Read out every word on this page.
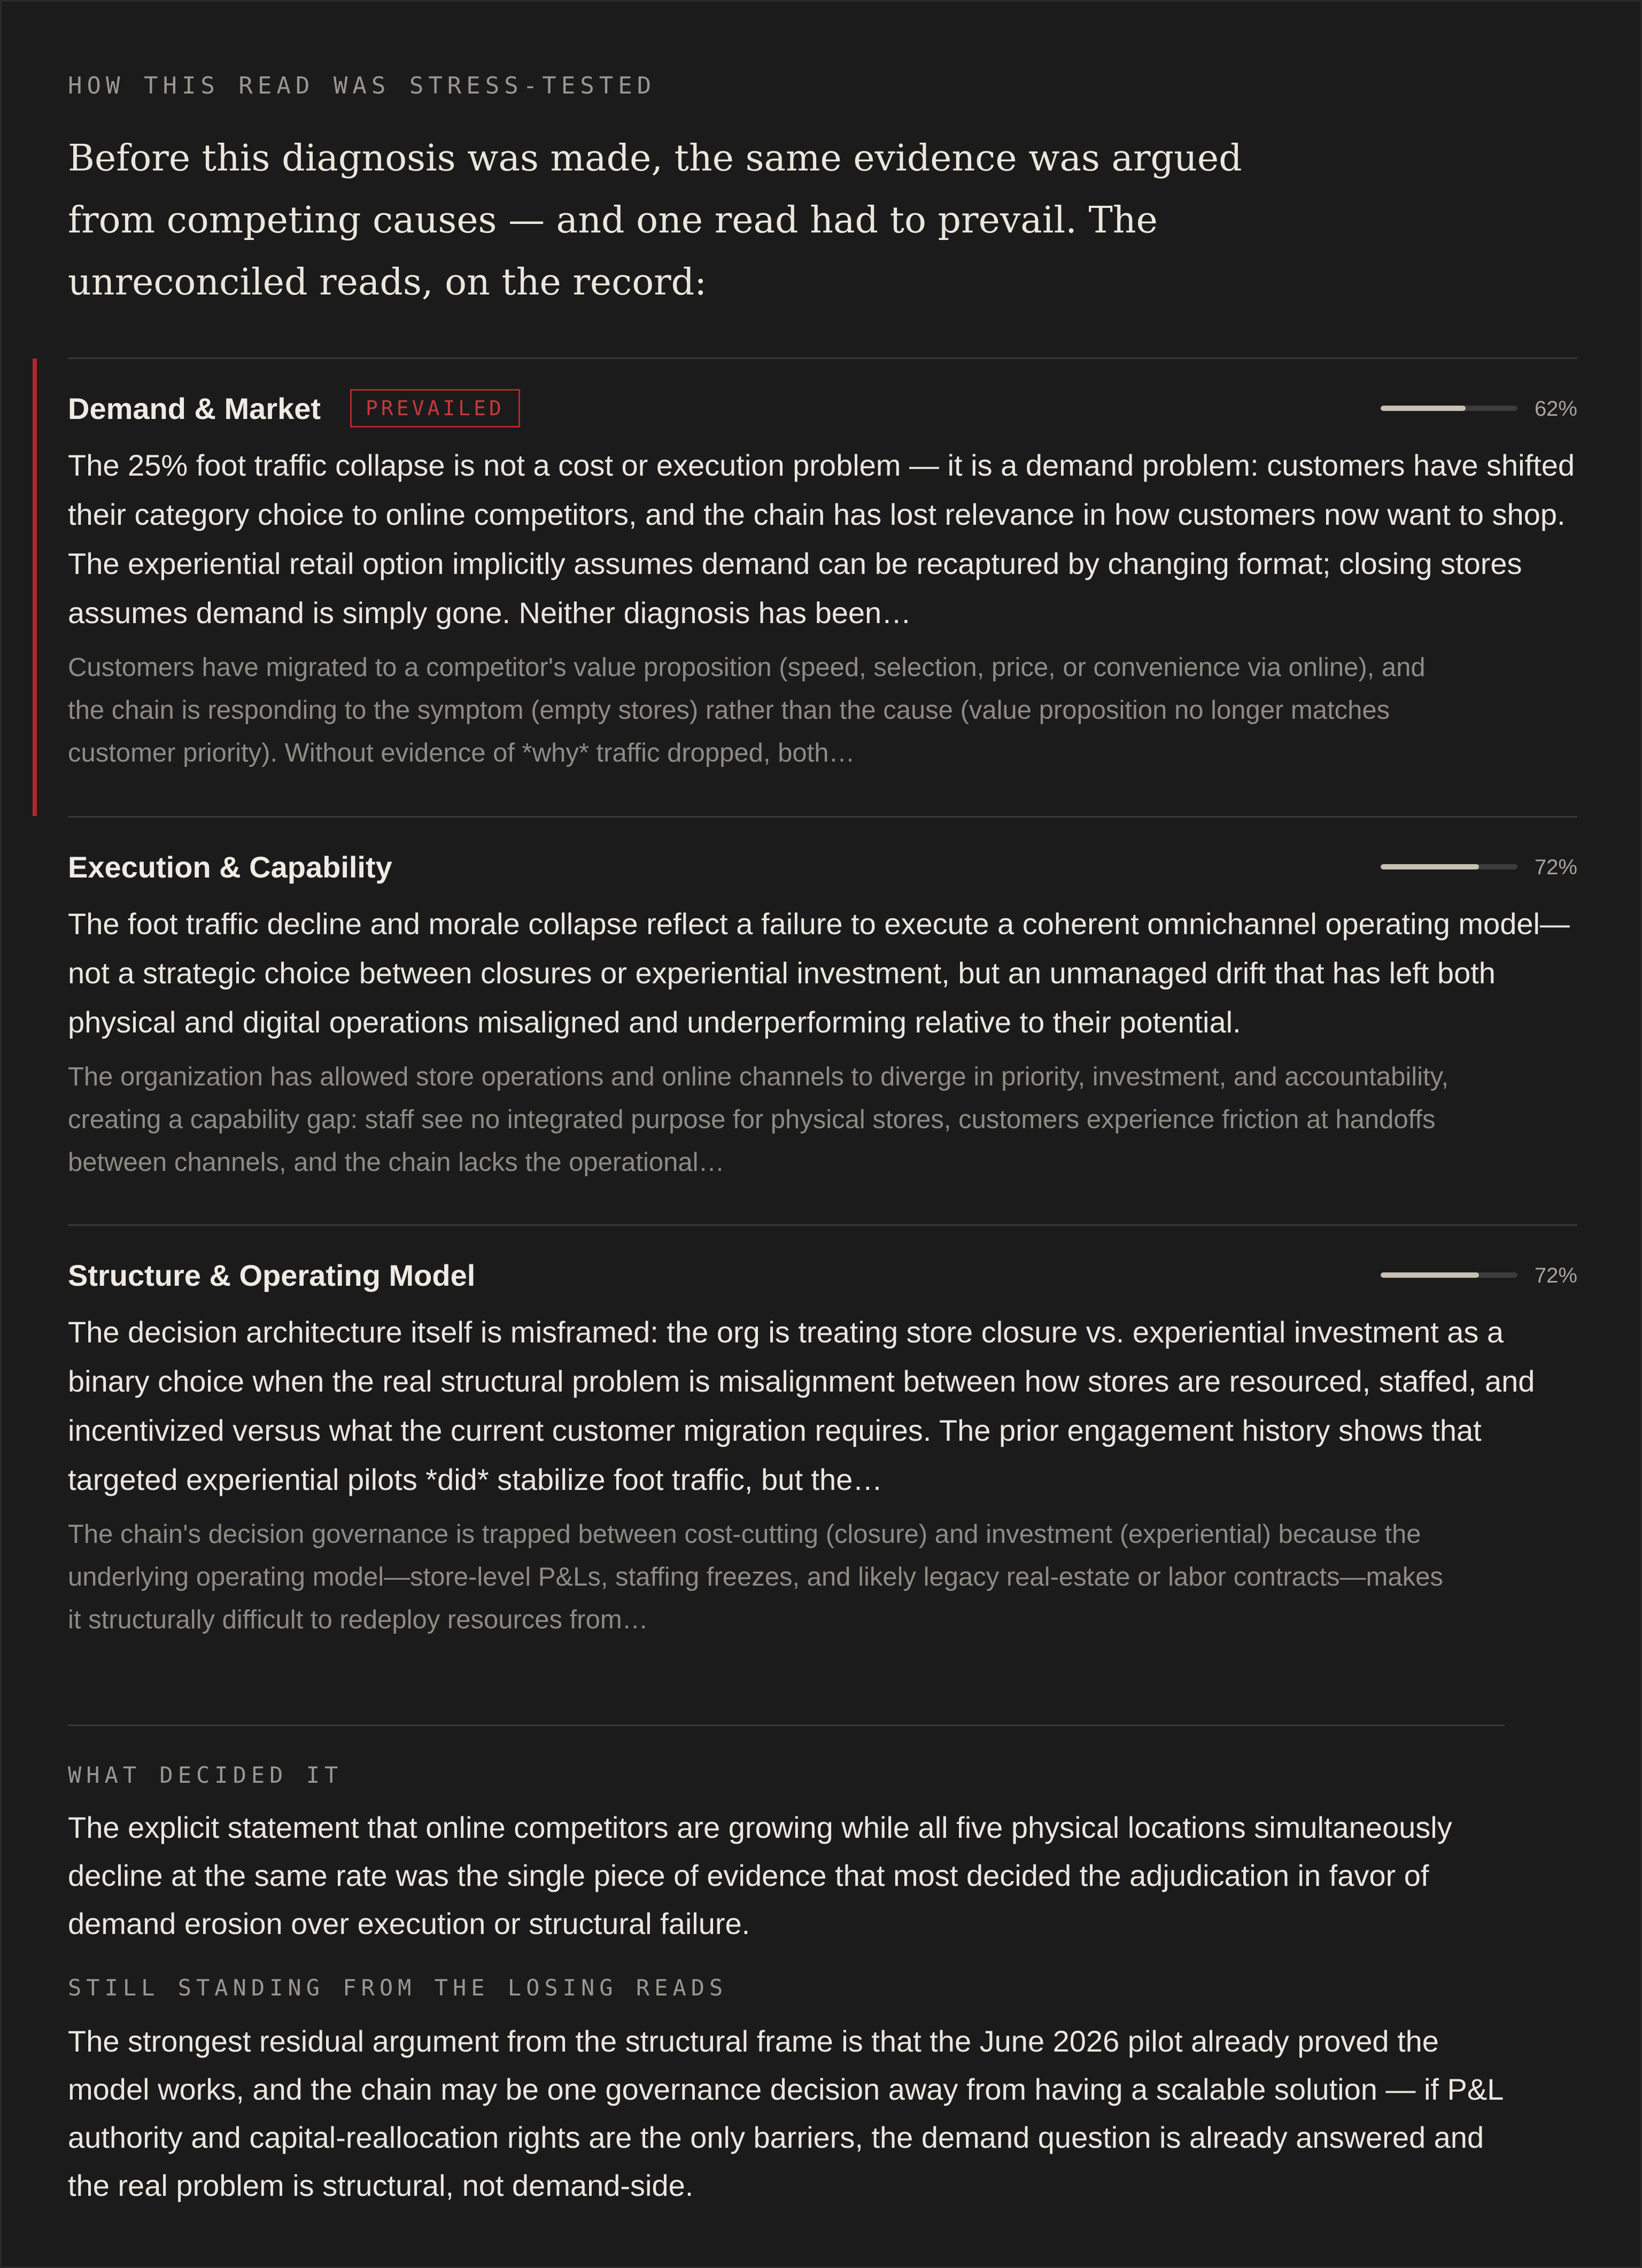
HOW THIS READ WAS STRESS-TESTED
Before this diagnosis was made, the same evidence was argued from competing causes — and one read had to prevail. The unreconciled reads, on the record:
Demand & Market	PREVAILED	62%
The 25% foot traffic collapse is not a cost or execution problem — it is a demand problem: customers have shifted their category choice to online competitors, and the chain has lost relevance in how customers now want to shop. The experiential retail option implicitly assumes demand can be recaptured by changing format; closing stores assumes demand is simply gone. Neither diagnosis has been…
Customers have migrated to a competitor's value proposition (speed, selection, price, or convenience via online), and the chain is responding to the symptom (empty stores) rather than the cause (value proposition no longer matches customer priority). Without evidence of *why* traffic dropped, both…
Execution & Capability	72%
The foot traffic decline and morale collapse reflect a failure to execute a coherent omnichannel operating model—not a strategic choice between closures or experiential investment, but an unmanaged drift that has left both physical and digital operations misaligned and underperforming relative to their potential.
The organization has allowed store operations and online channels to diverge in priority, investment, and accountability, creating a capability gap: staff see no integrated purpose for physical stores, customers experience friction at handoffs between channels, and the chain lacks the operational…
Structure & Operating Model	72%
The decision architecture itself is misframed: the org is treating store closure vs. experiential investment as a binary choice when the real structural problem is misalignment between how stores are resourced, staffed, and incentivized versus what the current customer migration requires. The prior engagement history shows that targeted experiential pilots *did* stabilize foot traffic, but the…
The chain's decision governance is trapped between cost-cutting (closure) and investment (experiential) because the underlying operating model—store-level P&Ls, staffing freezes, and likely legacy real-estate or labor contracts—makes it structurally difficult to redeploy resources from…
WHAT DECIDED IT
The explicit statement that online competitors are growing while all five physical locations simultaneously decline at the same rate was the single piece of evidence that most decided the adjudication in favor of demand erosion over execution or structural failure.
STILL STANDING FROM THE LOSING READS
The strongest residual argument from the structural frame is that the June 2026 pilot already proved the model works, and the chain may be one governance decision away from having a scalable solution — if P&L authority and capital-reallocation rights are the only barriers, the demand question is already answered and the real problem is structural, not demand-side.
